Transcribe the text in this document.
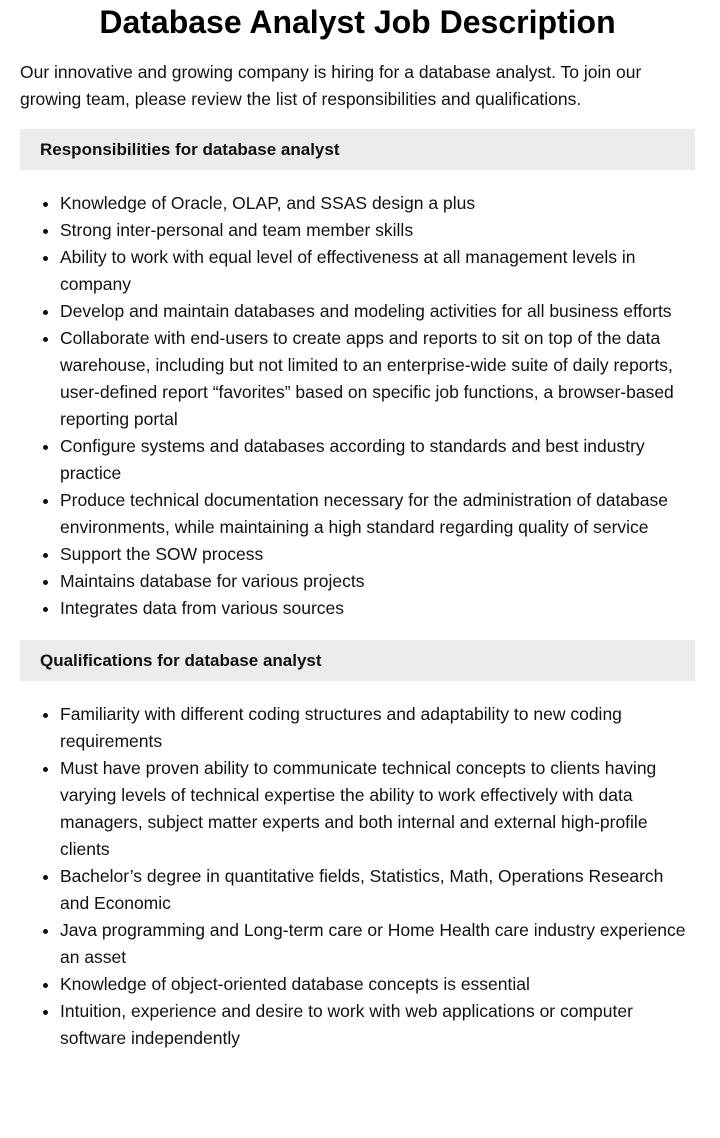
Database Analyst Job Description

Our innovative and growing company is hiring for a database analyst. To join our growing team, please review the list of responsibilities and qualifications.

Responsibilities for database analyst
• Knowledge of Oracle, OLAP, and SSAS design a plus
• Strong inter-personal and team member skills
• Ability to work with equal level of effectiveness at all management levels in company
• Develop and maintain databases and modeling activities for all business efforts
• Collaborate with end-users to create apps and reports to sit on top of the data warehouse, including but not limited to an enterprise-wide suite of daily reports, user-defined report “favorites” based on specific job functions, a browser-based reporting portal
• Configure systems and databases according to standards and best industry practice
• Produce technical documentation necessary for the administration of database environments, while maintaining a high standard regarding quality of service
• Support the SOW process
• Maintains database for various projects
• Integrates data from various sources
Qualifications for database analyst
• Familiarity with different coding structures and adaptability to new coding requirements
• Must have proven ability to communicate technical concepts to clients having varying levels of technical expertise the ability to work effectively with data managers, subject matter experts and both internal and external high-profile clients
• Bachelor’s degree in quantitative fields, Statistics, Math, Operations Research and Economic
• Java programming and Long-term care or Home Health care industry experience an asset
• Knowledge of object-oriented database concepts is essential
• Intuition, experience and desire to work with web applications or computer software independently
